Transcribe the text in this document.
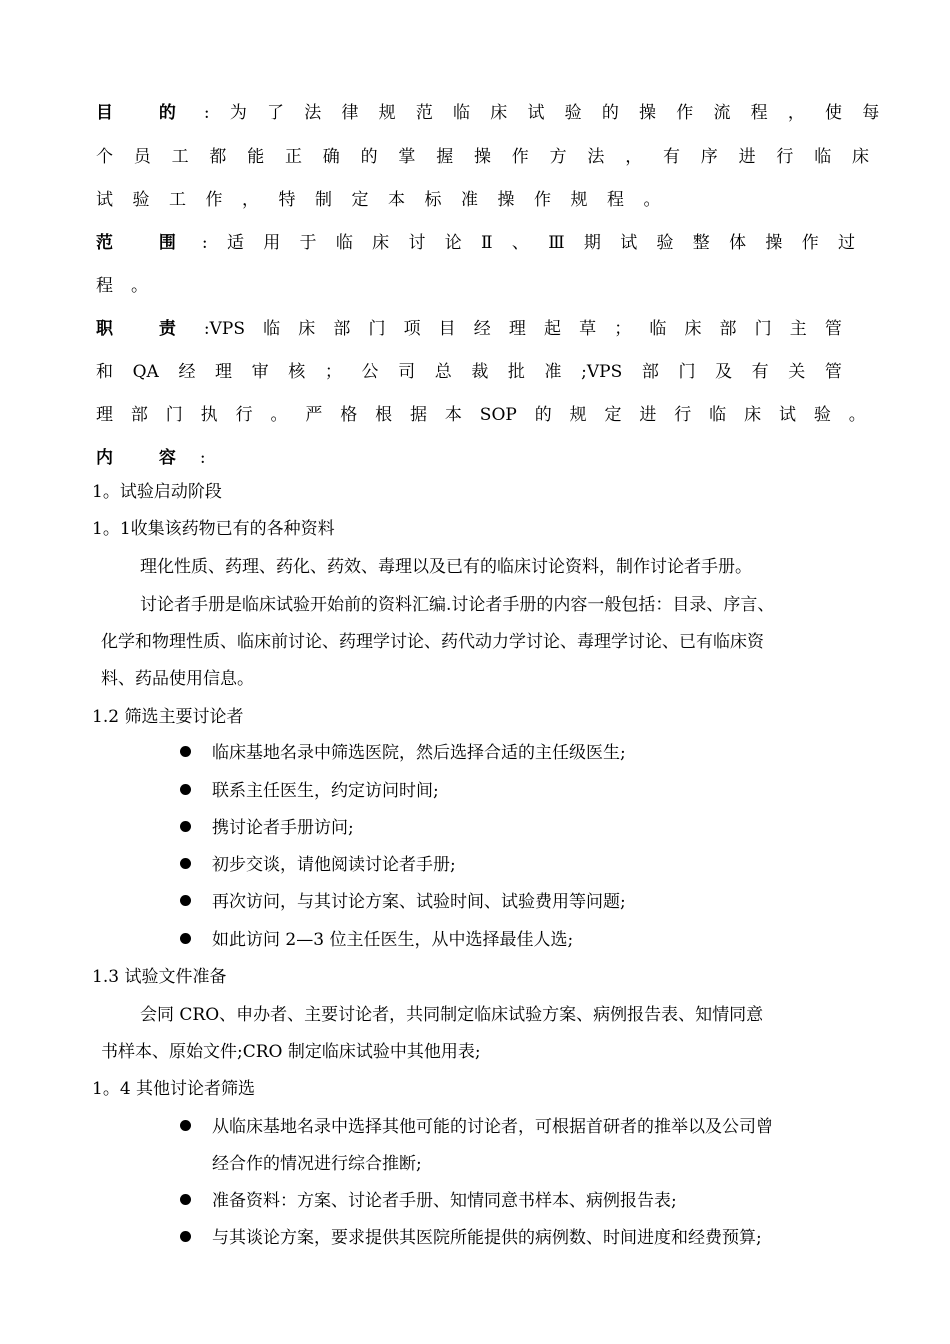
目 的 :为了法律规范临床试验的操作流程，使每
个员工都能正确的掌握操作方法，有序进行临床
试验工作，特制定本标准操作规程。
范 围 :适用于临床讨论Ⅱ、Ⅲ期试验整体操作过
程。
职 责 :VPS 临 床 部 门 项 目 经 理 起 草 ； 临 床 部 门 主 管
和 QA 经 理 审 核 ； 公 司 总 裁 批 准 ;VPS 部 门 及 有 关 管
理 部 门 执 行 。 严 格 根 据 本 SOP 的 规 定 进 行 临 床 试 验 。
内 容 :
1。试验启动阶段
1。1收集该药物已有的各种资料
理化性质、药理、药化、药效、毒理以及已有的临床讨论资料，制作讨论者手册。
讨论者手册是临床试验开始前的资料汇编.讨论者手册的内容一般包括：目录、序言、
化学和物理性质、临床前讨论、药理学讨论、药代动力学讨论、毒理学讨论、已有临床资
料、药品使用信息。
1.2 筛选主要讨论者
临床基地名录中筛选医院，然后选择合适的主任级医生;
联系主任医生，约定访问时间;
携讨论者手册访问;
初步交谈，请他阅读讨论者手册;
再次访问，与其讨论方案、试验时间、试验费用等问题;
如此访问 2—3 位主任医生，从中选择最佳人选;
1.3 试验文件准备
会同 CRO、申办者、主要讨论者，共同制定临床试验方案、病例报告表、知情同意
书样本、原始文件;CRO 制定临床试验中其他用表;
1。4 其他讨论者筛选
从临床基地名录中选择其他可能的讨论者，可根据首研者的推举以及公司曾
经合作的情况进行综合推断;
准备资料：方案、讨论者手册、知情同意书样本、病例报告表;
与其谈论方案，要求提供其医院所能提供的病例数、时间进度和经费预算;
